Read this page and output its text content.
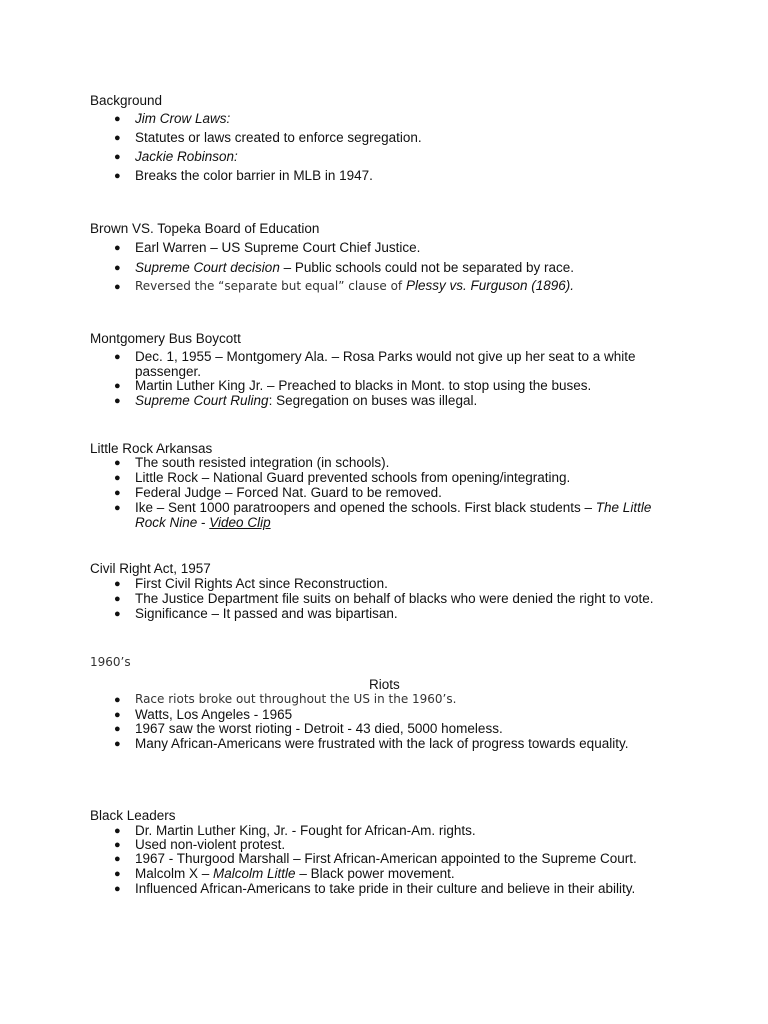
Background
● Jim Crow Laws:
● Statutes or laws created to enforce segregation.
● Jackie Robinson:
● Breaks the color barrier in MLB in 1947.
Brown VS. Topeka Board of Education
● Earl Warren – US Supreme Court Chief Justice.
● Supreme Court decision – Public schools could not be separated by race.
● Reversed the “separate but equal” clause of Plessy vs. Furguson (1896).
Montgomery Bus Boycott
● Dec. 1, 1955 – Montgomery Ala. – Rosa Parks would not give up her seat to a white passenger.
● Martin Luther King Jr. – Preached to blacks in Mont. to stop using the buses.
● Supreme Court Ruling: Segregation on buses was illegal.
Little Rock Arkansas
● The south resisted integration (in schools).
● Little Rock – National Guard prevented schools from opening/integrating.
● Federal Judge – Forced Nat. Guard to be removed.
● Ike – Sent 1000 paratroopers and opened the schools. First black students – The Little Rock Nine - Video Clip
Civil Right Act, 1957
● First Civil Rights Act since Reconstruction.
● The Justice Department file suits on behalf of blacks who were denied the right to vote.
● Significance – It passed and was bipartisan.
1960’s
Riots
● Race riots broke out throughout the US in the 1960’s.
● Watts, Los Angeles - 1965
● 1967 saw the worst rioting - Detroit - 43 died, 5000 homeless.
● Many African-Americans were frustrated with the lack of progress towards equality.
Black Leaders
● Dr. Martin Luther King, Jr. - Fought for African-Am. rights.
● Used non-violent protest.
● 1967 - Thurgood Marshall – First African-American appointed to the Supreme Court.
● Malcolm X – Malcolm Little – Black power movement.
● Influenced African-Americans to take pride in their culture and believe in their ability.
